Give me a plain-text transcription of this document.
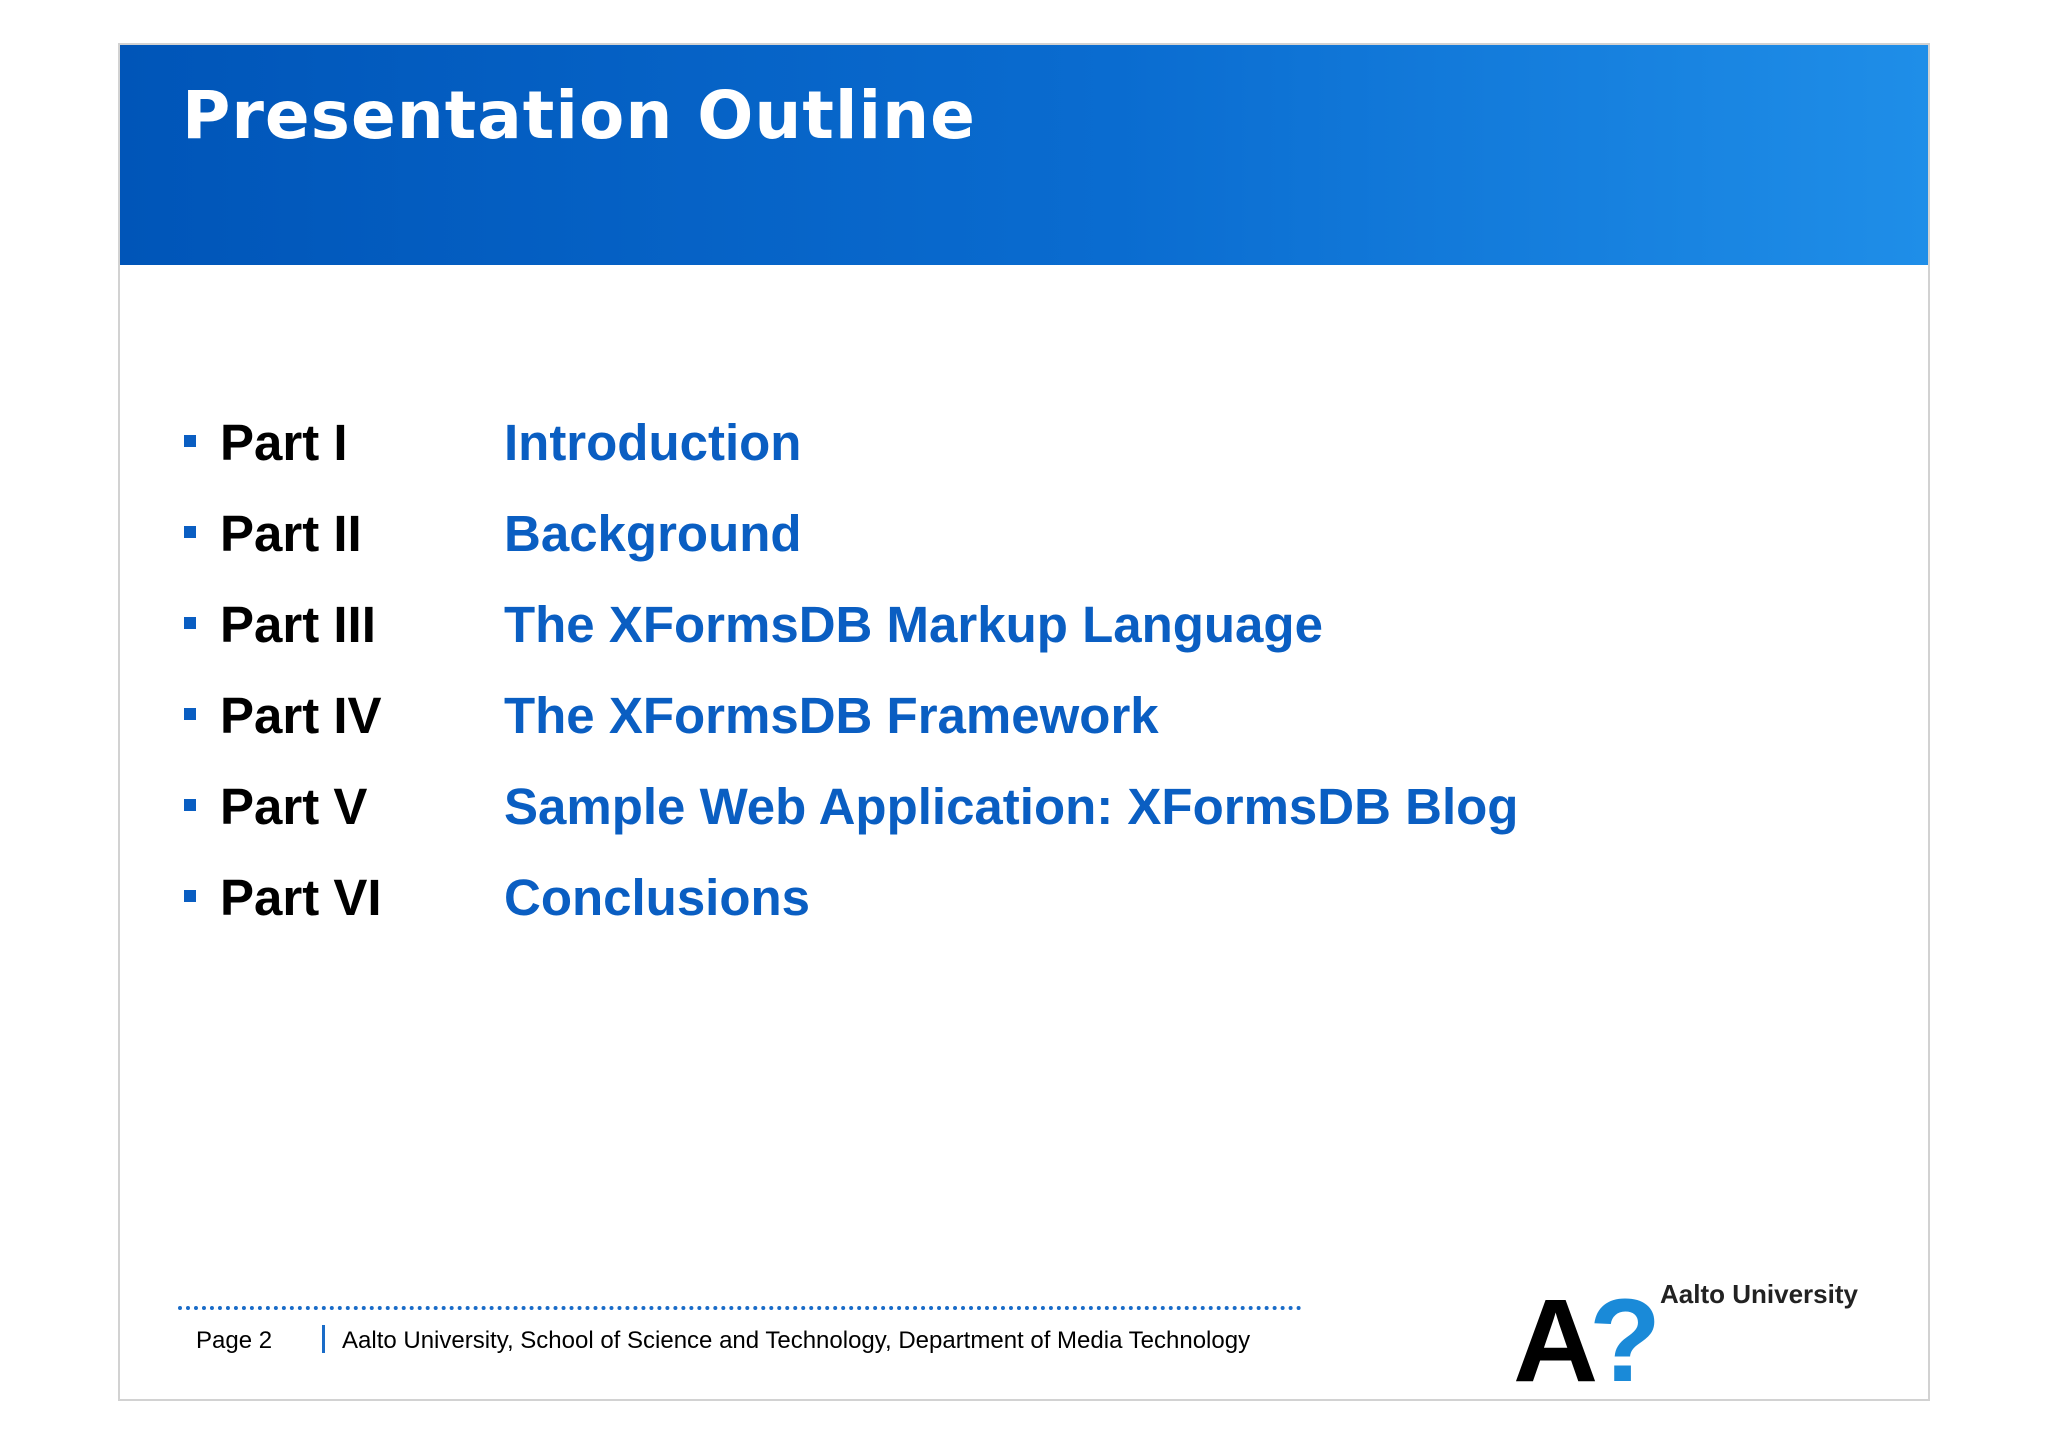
Presentation Outline
Part I	Introduction
Part II	Background
Part III	The XFormsDB Markup Language
Part IV The XFormsDB Framework
Part V	Sample Web Application: XFormsDB Blog
Part VI Conclusions
Page 2	Aalto University, School of Science and Technology, Department of Media Technology A
?
Aalto University
